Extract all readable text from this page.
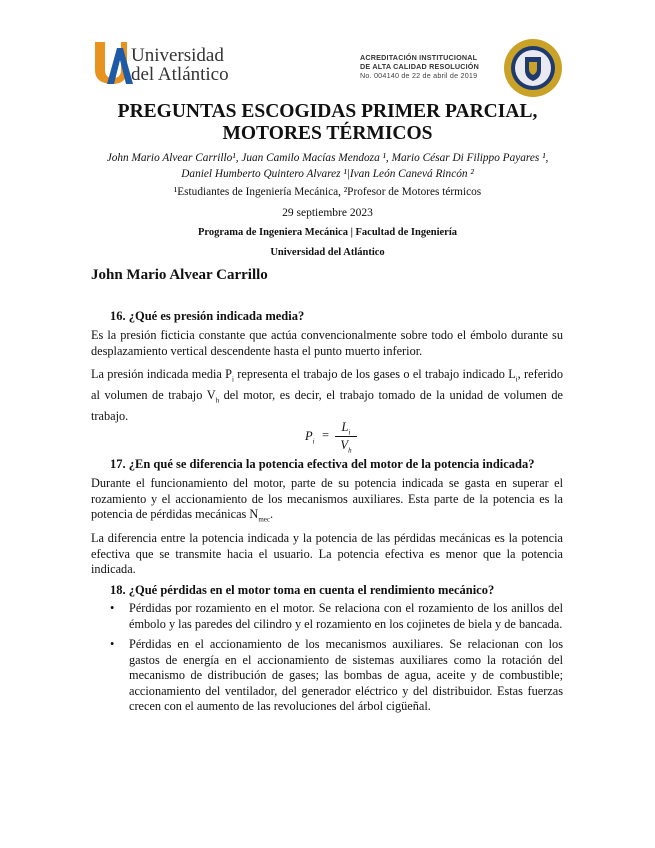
Universidad
del Atlántico
ACREDITACIÓN INSTITUCIONAL
DE ALTA CALIDAD RESOLUCIÓN
No. 004140 de 22 de abril de 2019
PREGUNTAS ESCOGIDAS PRIMER PARCIAL,
MOTORES TÉRMICOS
John Mario Alvear Carrillo¹, Juan Camilo Macías Mendoza ¹, Mario César Di Filippo Payares ¹,
Daniel Humberto Quintero Alvarez ¹|Ivan León Canevá Rincón ²
¹Estudiantes de Ingeniería Mecánica, ²Profesor de Motores térmicos
29 septiembre 2023
Programa de Ingeniera Mecánica | Facultad de Ingeniería
Universidad del Atlántico
John Mario Alvear Carrillo
16. ¿Qué es presión indicada media?
Es la presión ficticia constante que actúa convencionalmente sobre todo el émbolo durante su desplazamiento vertical descendente hasta el punto muerto inferior.
La presión indicada media $P_i$ representa el trabajo de los gases o el trabajo indicado $L_i$, referido al volumen de trabajo $V_h$ del motor, es decir, el trabajo tomado de la unidad de volumen de trabajo.
$P_i$ =
$L_i$
$V_h$
17. ¿En qué se diferencia la potencia efectiva del motor de la potencia indicada?
Durante el funcionamiento del motor, parte de su potencia indicada se gasta en superar el rozamiento y el accionamiento de los mecanismos auxiliares. Esta parte de la potencia es la potencia de pérdidas mecánicas $N_{mec}$.
La diferencia entre la potencia indicada y la potencia de las pérdidas mecánicas es la potencia efectiva que se transmite hacia el usuario. La potencia efectiva es menor que la potencia indicada.
18. ¿Qué pérdidas en el motor toma en cuenta el rendimiento mecánico?
• Pérdidas por rozamiento en el motor. Se relaciona con el rozamiento de los anillos del émbolo y las paredes del cilindro y el rozamiento en los cojinetes de biela y de bancada.
• Pérdidas en el accionamiento de los mecanismos auxiliares. Se relacionan con los gastos de energía en el accionamiento de sistemas auxiliares como la rotación del mecanismo de distribución de gases; las bombas de agua, aceite y de combustible; accionamiento del ventilador, del generador eléctrico y del distribuidor. Estas fuerzas crecen con el aumento de las revoluciones del árbol cigüeñal.
